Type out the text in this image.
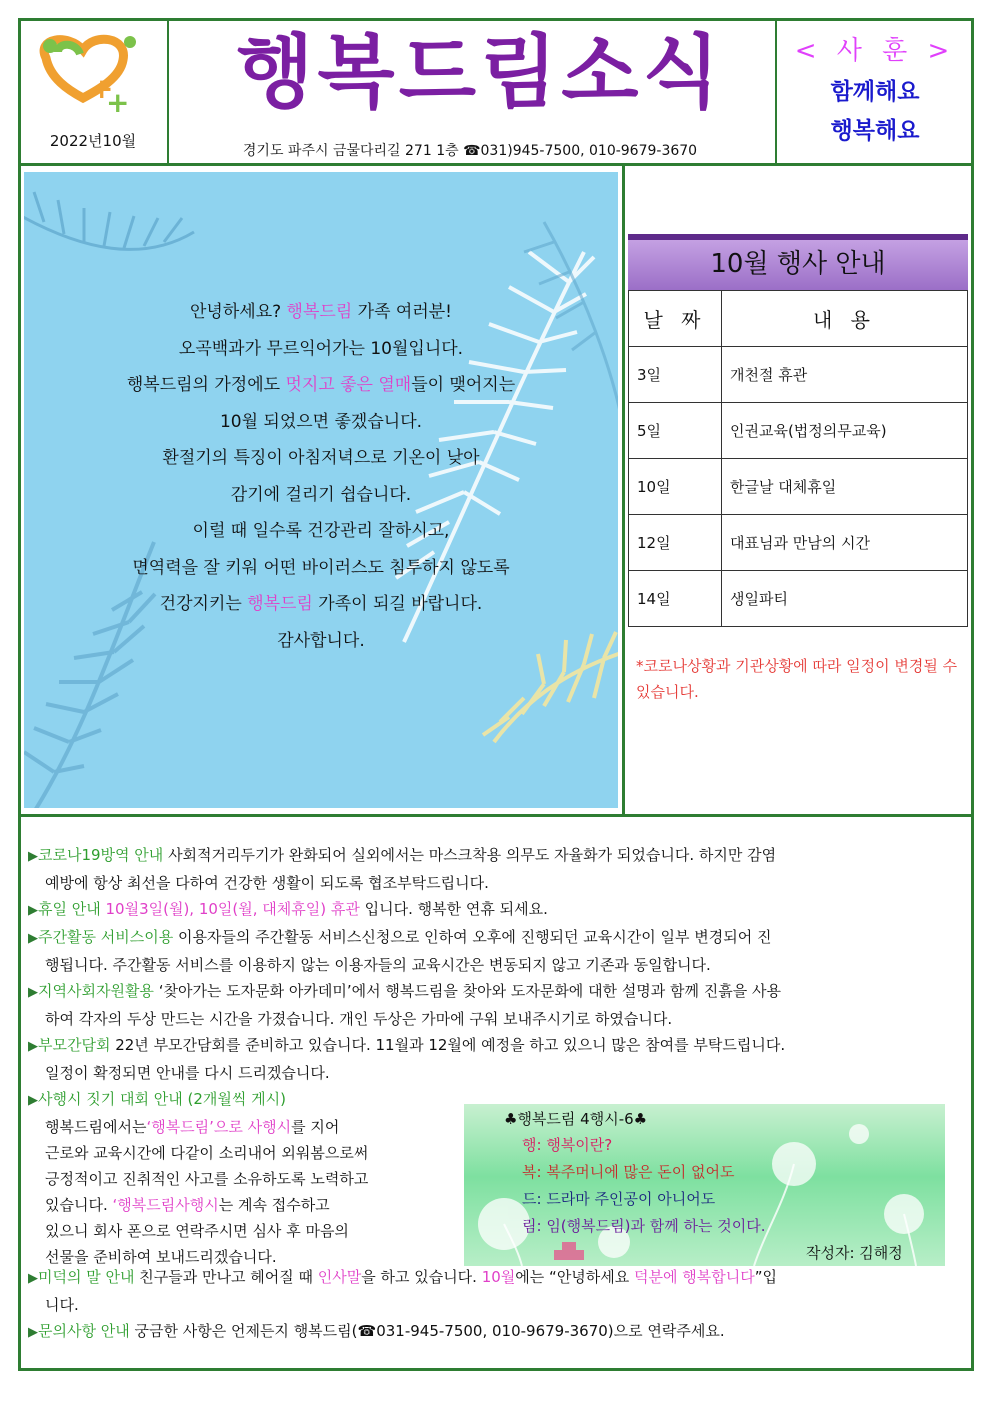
+
+
2022년10월
행복드림소식
경기도 파주시 금물다리길 271 1층 ☎031)945-7500, 010-9679-3670
< 사 훈 >
함께해요
행복해요
안녕하세요? 행복드림 가족 여러분!
오곡백과가 무르익어가는 10월입니다.
행복드림의 가정에도 멋지고 좋은 열매들이 맺어지는
10월 되었으면 좋겠습니다.
환절기의 특징이 아침저녁으로 기온이 낮아
감기에 걸리기 쉽습니다.
이럴 때 일수록 건강관리 잘하시고,
면역력을 잘 키워 어떤 바이러스도 침투하지 않도록
건강지키는 행복드림 가족이 되길 바랍니다.
감사합니다.
10월 행사 안내
날 짜	내 용
3일	개천절 휴관
5일	인권교육(법정의무교육)
10일	한글날 대체휴일
12일	대표님과 만남의 시간
14일	생일파티
*코로나상황과 기관상황에 따라 일정이 변경될 수 있습니다.
▶코로나19방역 안내 사회적거리두기가 완화되어 실외에서는 마스크착용 의무도 자율화가 되었습니다. 하지만 감염
예방에 항상 최선을 다하여 건강한 생활이 되도록 협조부탁드립니다.
▶휴일 안내 10월3일(월), 10일(월, 대체휴일) 휴관 입니다. 행복한 연휴 되세요.
▶주간활동 서비스이용 이용자들의 주간활동 서비스신청으로 인하여 오후에 진행되던 교육시간이 일부 변경되어 진
행됩니다. 주간활동 서비스를 이용하지 않는 이용자들의 교육시간은 변동되지 않고 기존과 동일합니다.
▶지역사회자원활용 ‘찾아가는 도자문화 아카데미’에서 행복드림을 찾아와 도자문화에 대한 설명과 함께 진흙을 사용
하여 각자의 두상 만드는 시간을 가졌습니다. 개인 두상은 가마에 구워 보내주시기로 하였습니다.
▶부모간담회 22년 부모간담회를 준비하고 있습니다. 11월과 12월에 예정을 하고 있으니 많은 참여를 부탁드립니다.
일정이 확정되면 안내를 다시 드리겠습니다.
▶사행시 짓기 대회 안내 (2개월씩 게시)
행복드림에서는‘행복드림’으로 사행시를 지어
근로와 교육시간에 다같이 소리내어 외워봄으로써
긍정적이고 진취적인 사고를 소유하도록 노력하고
있습니다. ‘행복드림사행시는 계속 접수하고
있으니 회사 폰으로 연락주시면 심사 후 마음의
선물을 준비하여 보내드리겠습니다.
♣행복드림 4행시-6♣
행: 행복이란?
복: 복주머니에 많은 돈이 없어도
드: 드라마 주인공이 아니어도
림: 임(행복드림)과 함께 하는 것이다.
작성자: 김해정
▶미덕의 말 안내 친구들과 만나고 헤어질 때 인사말을 하고 있습니다. 10월에는 “안녕하세요 덕분에 행복합니다”입
니다.
▶문의사항 안내 궁금한 사항은 언제든지 행복드림(☎031-945-7500, 010-9679-3670)으로 연락주세요.
